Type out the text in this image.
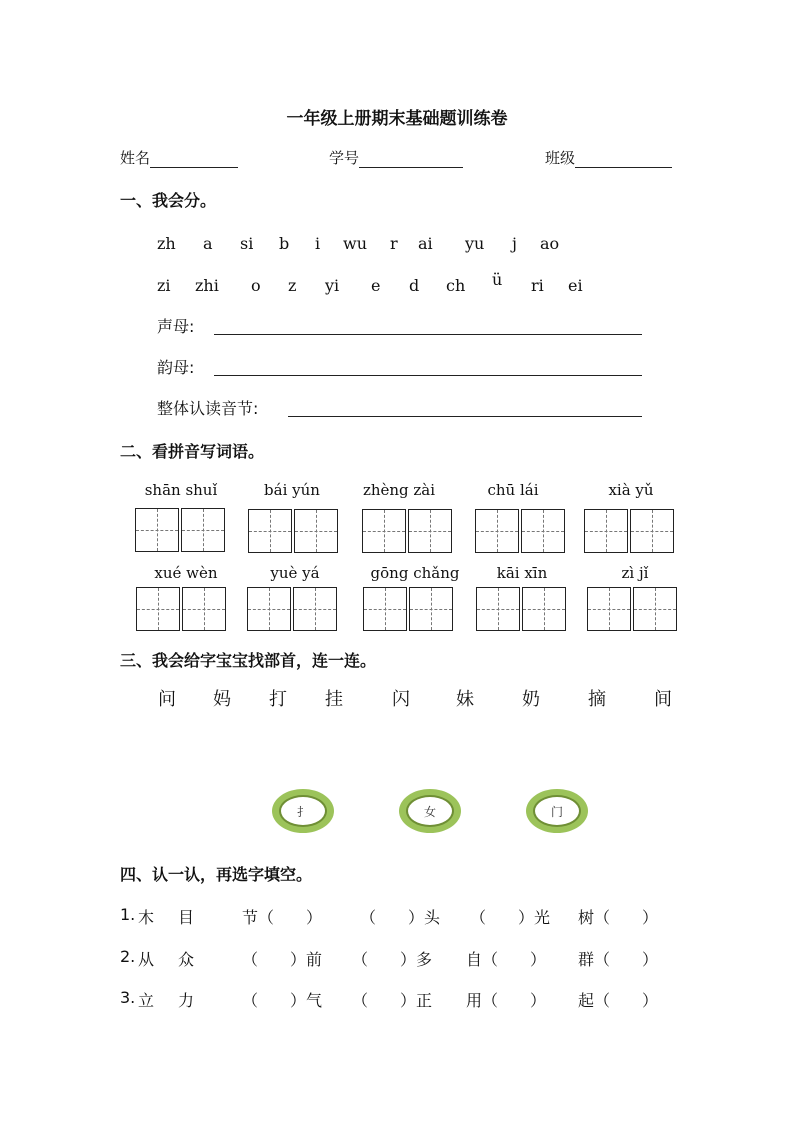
一年级上册期末基础题训练卷
姓名	学号	班级
一、我会分。
zh a si b i wu r ai yu j ao
zi zhi o z yi e d ch ü ri ei
声母:
韵母:
整体认读音节:
二、看拼音写词语。
shān shuǐ	bái yún	zhèng zài	chū lái	xià yǔ
xué wèn	yuè yá	gōng chǎng	kāi xīn	zì jǐ
三、我会给字宝宝找部首，连一连。
问 妈 打 挂	闪	妹	奶	摘	间
扌	女	门
四、认一认，再选字填空。
1. 木 目	节（　　） （　　）头 （　　）光 树（　　）
2. 从 众	（　　）前 （　　）多 自（　　） 群（　　）
3. 立 力	（　　）气 （　　）正 用（　　） 起（　　）
